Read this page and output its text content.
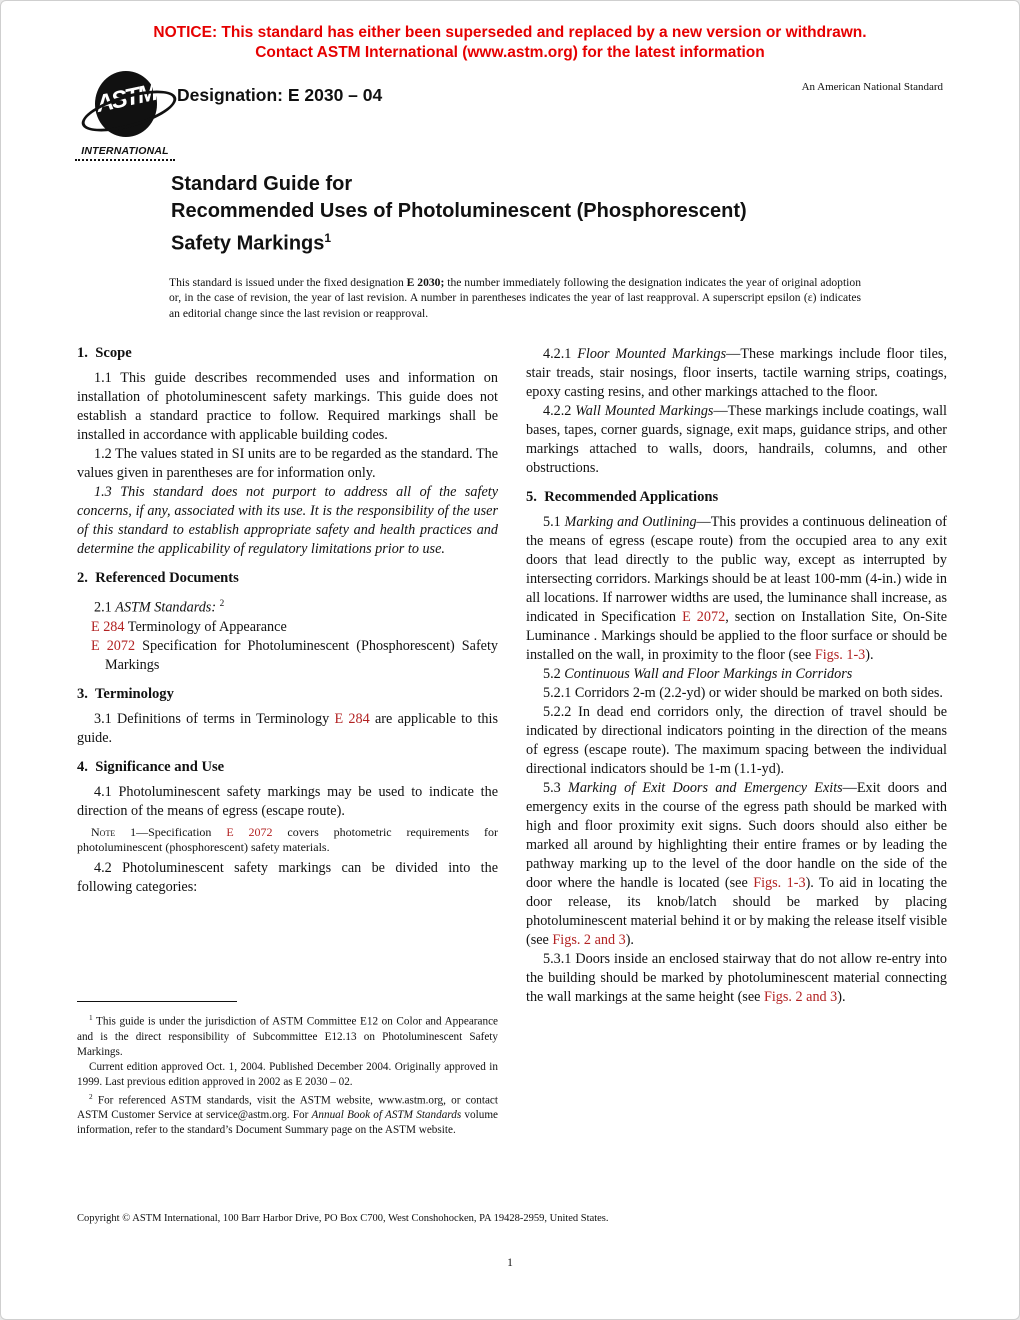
NOTICE: This standard has either been superseded and replaced by a new version or withdrawn.
Contact ASTM International (www.astm.org) for the latest information
ASTM
INTERNATIONAL
Designation: E 2030 – 04	An American National Standard
Standard Guide for
Recommended Uses of Photoluminescent (Phosphorescent)
Safety Markings$^1$

This standard is issued under the fixed designation E 2030; the number immediately following the designation indicates the year of original adoption or, in the case of revision, the year of last revision. A number in parentheses indicates the year of last reapproval. A superscript epsilon (ε) indicates an editorial change since the last revision or reapproval.

1.  Scope

1.1 This guide describes recommended uses and information on installation of photoluminescent safety markings. This guide does not establish a standard practice to follow. Required markings shall be installed in accordance with applicable building codes.

1.2 The values stated in SI units are to be regarded as the standard. The values given in parentheses are for information only.

1.3 This standard does not purport to address all of the safety concerns, if any, associated with its use. It is the responsibility of the user of this standard to establish appropriate safety and health practices and determine the applicability of regulatory limitations prior to use.

2.  Referenced Documents

2.1 ASTM Standards: $^2$

E 284 Terminology of Appearance

E 2072 Specification for Photoluminescent (Phosphorescent) Safety Markings

3.  Terminology

3.1 Definitions of terms in Terminology E 284 are applicable to this guide.

4.  Significance and Use

4.1 Photoluminescent safety markings may be used to indicate the direction of the means of egress (escape route).

Note 1—Specification E 2072 covers photometric requirements for photoluminescent (phosphorescent) safety materials.

4.2 Photoluminescent safety markings can be divided into the following categories:

4.2.1 Floor Mounted Markings—These markings include floor tiles, stair treads, stair nosings, floor inserts, tactile warning strips, coatings, epoxy casting resins, and other markings attached to the floor.

4.2.2 Wall Mounted Markings—These markings include coatings, wall bases, tapes, corner guards, signage, exit maps, guidance strips, and other markings attached to walls, doors, handrails, columns, and other obstructions.

5.  Recommended Applications

5.1 Marking and Outlining—This provides a continuous delineation of the means of egress (escape route) from the occupied area to any exit doors that lead directly to the public way, except as interrupted by intersecting corridors. Markings should be at least 100-mm (4-in.) wide in all locations. If narrower widths are used, the luminance shall increase, as indicated in Specification E 2072, section on Installation Site, On-Site Luminance . Markings should be applied to the floor surface or should be installed on the wall, in proximity to the floor (see Figs. 1-3).

5.2 Continuous Wall and Floor Markings in Corridors

5.2.1 Corridors 2-m (2.2-yd) or wider should be marked on both sides.

5.2.2 In dead end corridors only, the direction of travel should be indicated by directional indicators pointing in the direction of the means of egress (escape route). The maximum spacing between the individual directional indicators should be 1-m (1.1-yd).

5.3 Marking of Exit Doors and Emergency Exits—Exit doors and emergency exits in the course of the egress path should be marked with high and floor proximity exit signs. Such doors should also either be marked all around by highlighting their entire frames or by leading the pathway marking up to the level of the door handle on the side of the door where the handle is located (see Figs. 1-3). To aid in locating the door release, its knob/latch should be marked by placing photoluminescent material behind it or by making the release itself visible (see Figs. 2 and 3).

5.3.1 Doors inside an enclosed stairway that do not allow re-entry into the building should be marked by photoluminescent material connecting the wall markings at the same height (see Figs. 2 and 3).

$^1$ This guide is under the jurisdiction of ASTM Committee E12 on Color and Appearance and is the direct responsibility of Subcommittee E12.13 on Photoluminescent Safety Markings.

Current edition approved Oct. 1, 2004. Published December 2004. Originally approved in 1999. Last previous edition approved in 2002 as E 2030 – 02.

$^2$ For referenced ASTM standards, visit the ASTM website, www.astm.org, or contact ASTM Customer Service at service@astm.org. For Annual Book of ASTM Standards volume information, refer to the standard’s Document Summary page on the ASTM website.

Copyright © ASTM International, 100 Barr Harbor Drive, PO Box C700, West Conshohocken, PA 19428-2959, United States.
1
